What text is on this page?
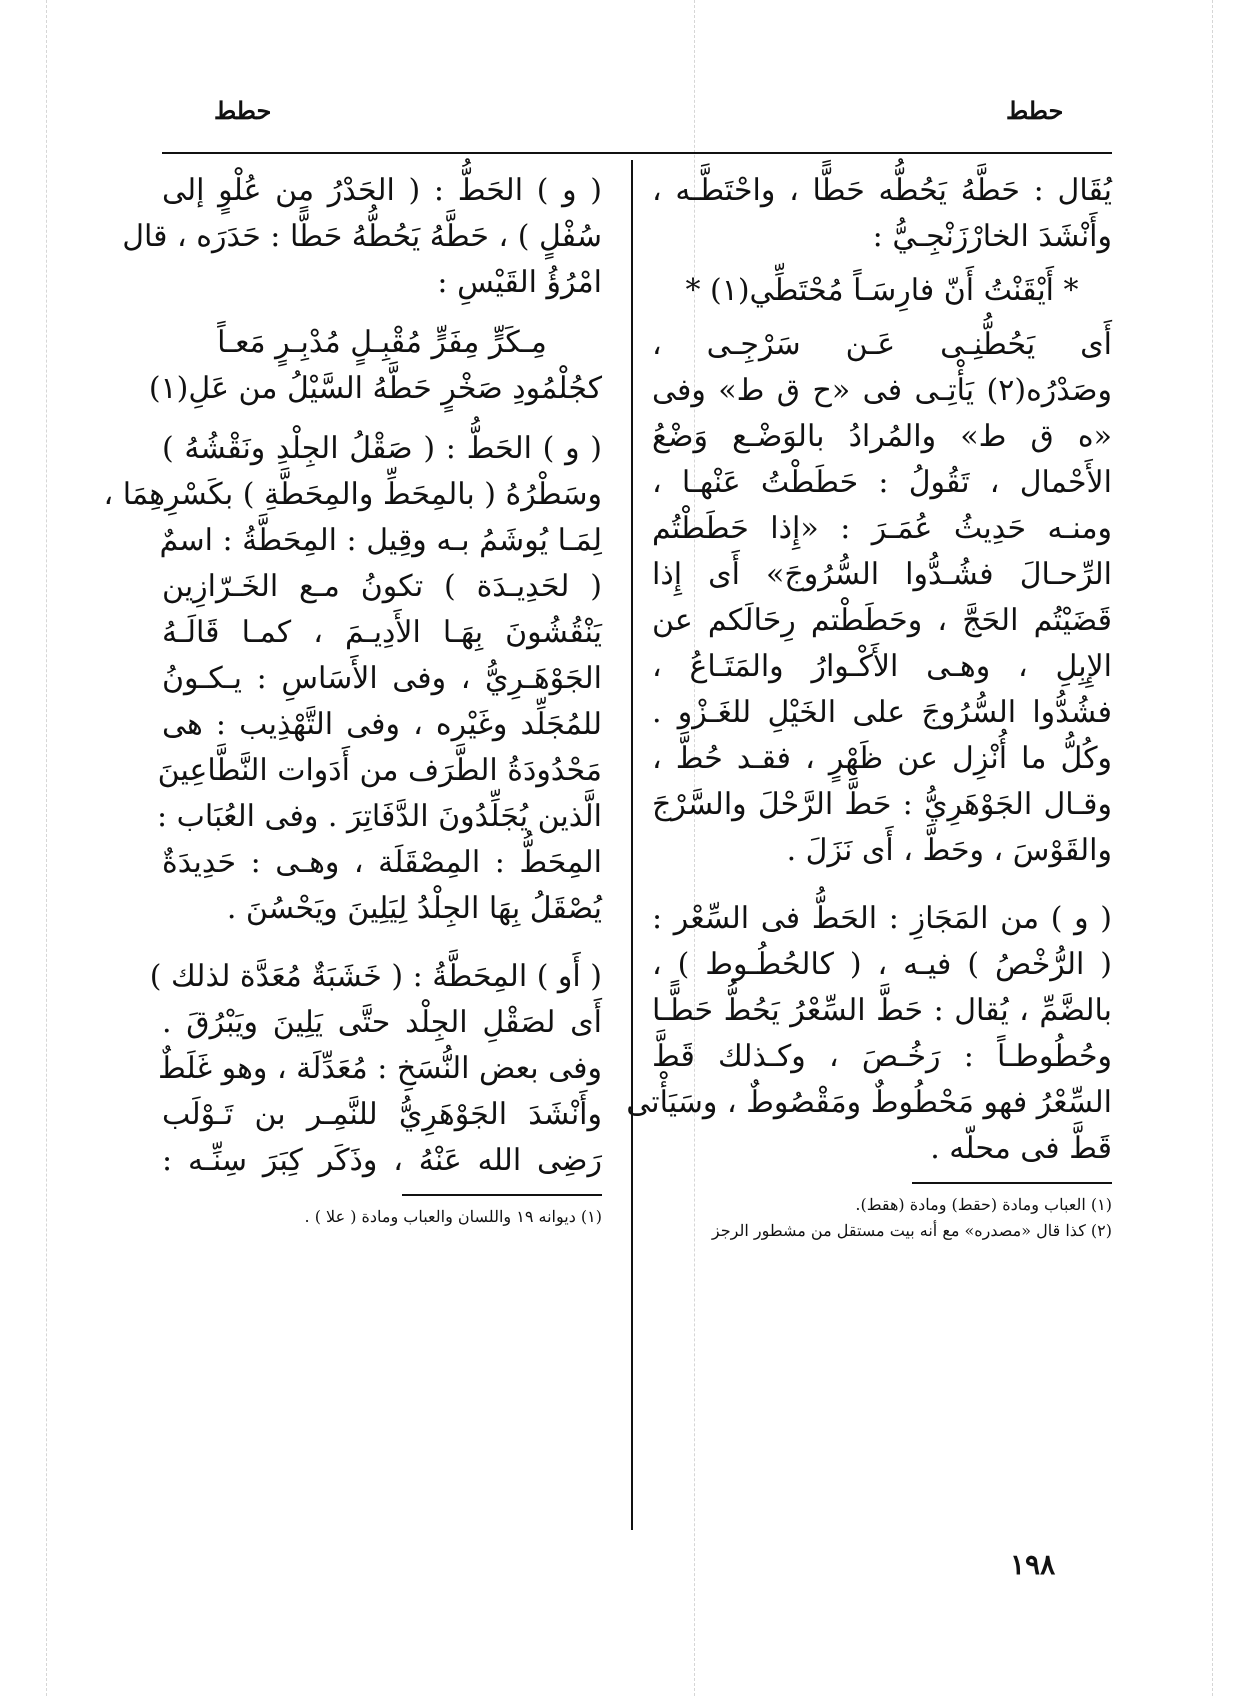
حطط
حطط
يُقَال : حَطَّهُ يَحُطُّه حَطًّا ، واحْتَطَّـه ،
وأَنْشَدَ الخارْزَنْجِـيُّ :
* أَيْقَنْتُ أَنّ فارِسَـاً مُحْتَطِّي(١) *
أَى يَحُطُّنِـى عَـن سَرْجِـى ،
وصَدْرُه(٢) يَأْتِـى فى «ح ق ط» وفى
«ه ق ط» والمُرادُ بالوَضْـع وَضْعُ
الأَحْمال ، تَقُولُ : حَطَطْتُ عَنْهـا ،
ومنـه حَدِيثُ عُمَـرَ : «إِذا حَطَطْتُم
الرِّحـالَ فشُـدُّوا السُّرُوجَ» أَى إِذا
قَضَيْتُم الحَجَّ ، وحَطَطْتم رِحَالَكم عن
الإِبِلِ ، وهـى الأَكْـوارُ والمَتَـاعُ ،
فشُدُّوا السُّرُوجَ على الخَيْلِ للغَـزْو .
وكُلُّ ما أُنْزِل عن ظَهْرٍ ، فقـد حُطَّ ،
وقـال الجَوْهَرِيُّ : حَطَّ الرَّحْلَ والسَّرْجَ
والقَوْسَ ، وحَطَّ ، أَى نَزَلَ .
( و ) من المَجَازِ : الحَطُّ فى السِّعْر :
( الرُّخْصُ ) فيـه ، ( كالحُطُـوط ) ،
بالضَّمِّ ، يُقال : حَطَّ السِّعْرُ يَحُطُّ حَطًّـا
وحُطُوطـاً : رَخُـصَ ، وكـذلك قَطَّ
السِّعْرُ فهو مَحْطُوطٌ ومَقْصُوطٌ ، وسَيَأْتى
قَطَّ فى محلّه .
(١) العباب ومادة (حقط) ومادة (هقط).
(٢) كذا قال «مصدره» مع أنه بيت مستقل من مشطور الرجز
( و ) الحَطُّ : ( الحَدْرُ من عُلْوٍ إلى
سُفْلٍ ) ، حَطَّهُ يَحُطُّهُ حَطًّا : حَدَرَه ، قال
امْرُؤُ القَيْسِ :
مِـكَرٍّ مِفَرٍّ مُقْبِـلٍ مُدْبِـرٍ مَعـاً
كجُلْمُودِ صَخْرٍ حَطَّهُ السَّيْلُ من عَلِ(١)
( و ) الحَطُّ : ( صَقْلُ الجِلْدِ ونَقْشُهُ )
وسَطْرُهُ ( بالمِحَطِّ والمِحَطَّةِ ) بكَسْرِهِمَا ،
لِمَـا يُوشَمُ بـه وقِيل : المِحَطَّةُ : اسمٌ
( لحَدِيـدَة ) تكونُ مـع الخَـرّازِين
يَنْقُشُونَ بِهَـا الأَدِيـمَ ، كمـا قَالَـهُ
الجَوْهَـرِيُّ ، وفى الأَسَاسِ : يـكـونُ
للمُجَلِّد وغَيْره ، وفى التَّهْذِيب : هى
مَحْدُودَةُ الطَّرَف من أَدَوات النَّطَّاعِينَ
الَّذين يُجَلِّدُونَ الدَّفَاتِرَ . وفى العُبَاب :
المِحَطُّ : المِصْقَلَة ، وهـى : حَدِيدَةٌ
يُصْقَلُ بِهَا الجِلْدُ لِيَلِينَ ويَحْسُنَ .
( أَو ) المِحَطَّةُ : ( خَشَبَةٌ مُعَدَّة لذلك )
أَى لصَقْلِ الجِلْد حتَّى يَلِينَ ويَبْرُقَ .
وفى بعض النُّسَخِ : مُعَدِّلَة ، وهو غَلَطٌ
وأَنْشَدَ الجَوْهَرِيُّ للنَّمِـر بن تَـوْلَب
رَضِى الله عَنْهُ ، وذَكَر كِبَرَ سِنِّـه :
(١) ديوانه ١٩ واللسان والعباب ومادة ( علا ) .
١٩٨
